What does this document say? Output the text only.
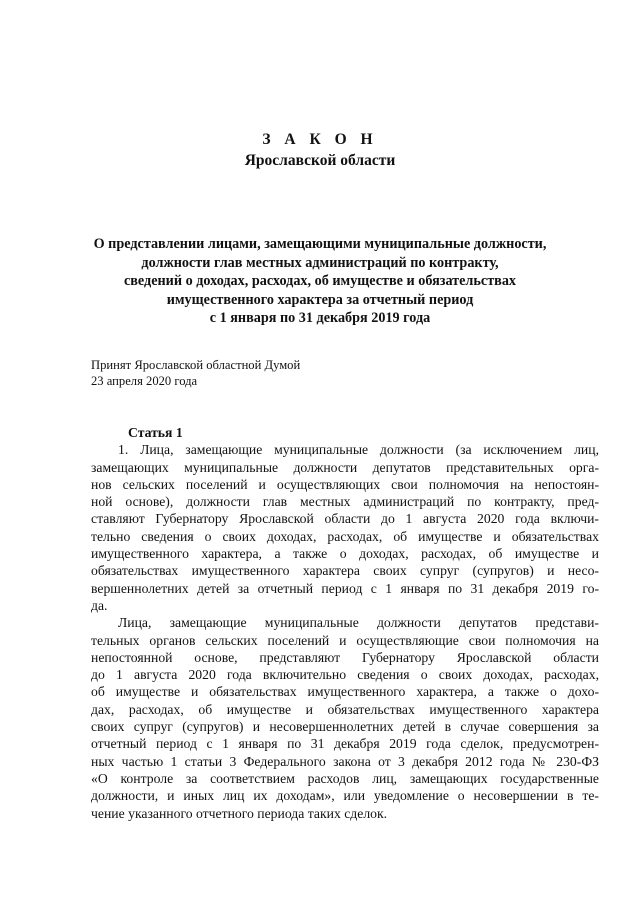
З А К О Н
Ярославской области
О представлении лицами, замещающими муниципальные должности,
должности глав местных администраций по контракту,
сведений о доходах, расходах, об имуществе и обязательствах
имущественного характера за отчетный период
с 1 января по 31 декабря 2019 года
Принят Ярославской областной Думой
23 апреля 2020 года
Статья 1
1. Лица, замещающие муниципальные должности (за исключением лиц,
замещающих муниципальные должности депутатов представительных орга-
нов сельских поселений и осуществляющих свои полномочия на непостоян-
ной основе), должности глав местных администраций по контракту, пред-
ставляют Губернатору Ярославской области до 1 августа 2020 года включи-
тельно сведения о своих доходах, расходах, об имуществе и обязательствах
имущественного характера, а также о доходах, расходах, об имуществе и
обязательствах имущественного характера своих супруг (супругов) и несо-
вершеннолетних детей за отчетный период с 1 января по 31 декабря 2019 го-
да.
Лица, замещающие муниципальные должности депутатов представи-
тельных органов сельских поселений и осуществляющие свои полномочия на
непостоянной основе, представляют Губернатору Ярославской области
до 1 августа 2020 года включительно сведения о своих доходах, расходах,
об имуществе и обязательствах имущественного характера, а также о дохо-
дах, расходах, об имуществе и обязательствах имущественного характера
своих супруг (супругов) и несовершеннолетних детей в случае совершения за
отчетный период с 1 января по 31 декабря 2019 года сделок, предусмотрен-
ных частью 1 статьи 3 Федерального закона от 3 декабря 2012 года № 230-ФЗ
«О контроле за соответствием расходов лиц, замещающих государственные
должности, и иных лиц их доходам», или уведомление о несовершении в те-
чение указанного отчетного периода таких сделок.
